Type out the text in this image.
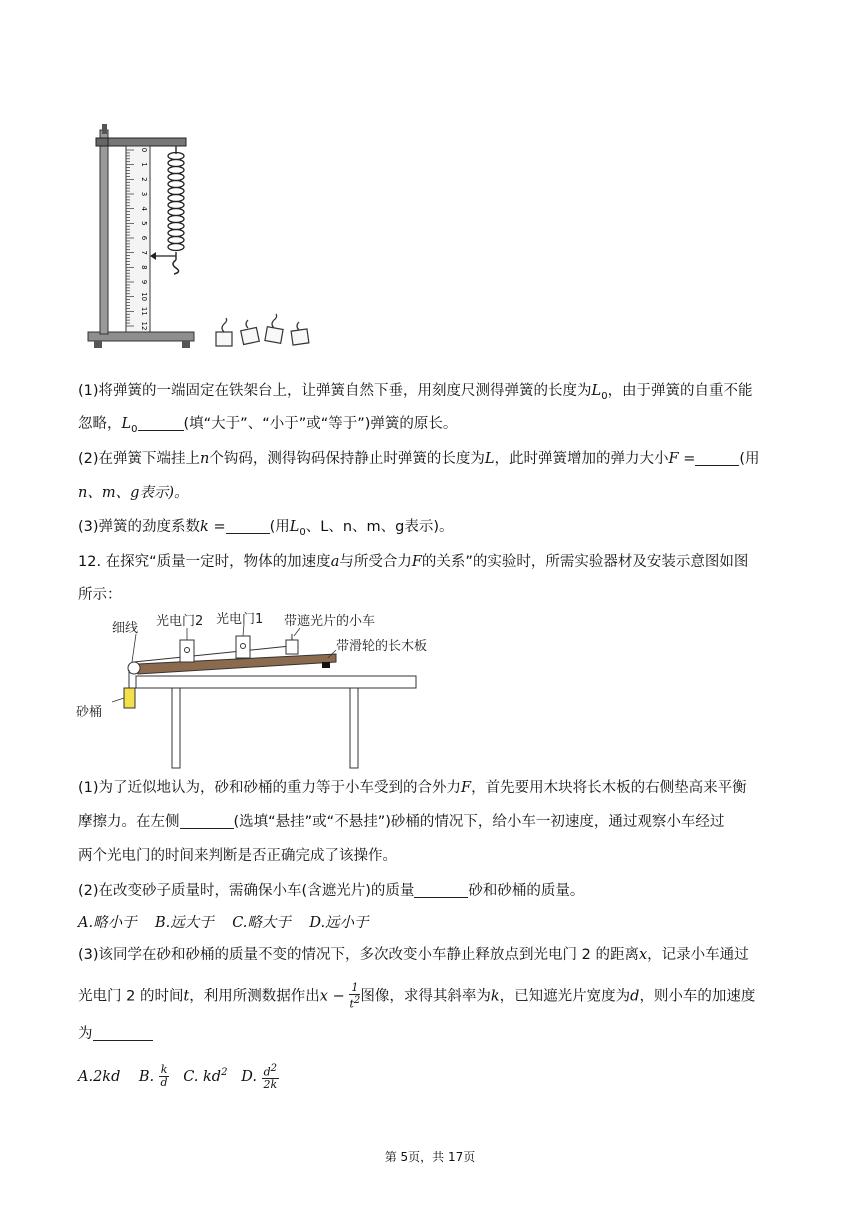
0
1
2
3
4
5
6
7
8
9
10
11
12
(1)将弹簧的一端固定在铁架台上，让弹簧自然下垂，用刻度尺测得弹簧的长度为$L_0$，由于弹簧的自重不能
忽略，$L_0$	(填“大于”、“小于”或“等于”)弹簧的原长。
(2)在弹簧下端挂上n个钩码，测得钩码保持静止时弹簧的长度为L，此时弹簧增加的弹力大小F =	(用
n、m、g表示)。
(3)弹簧的劲度系数k =	(用$L_0$、L、n、m、g表示)。
12. 在探究“质量一定时，物体的加速度a与所受合力F的关系”的实验时，所需实验器材及安装示意图如图
所示：
细线 光电门2 光电门1 带遮光片的小车
带滑轮的长木板
砂桶
(1)为了近似地认为，砂和砂桶的重力等于小车受到的合外力F，首先要用木块将长木板的右侧垫高来平衡
摩擦力。在左侧	(选填“悬挂”或“不悬挂”)砂桶的情况下，给小车一初速度，通过观察小车经过
两个光电门的时间来判断是否正确完成了该操作。
(2)在改变砂子质量时，需确保小车(含遮光片)的质量	砂和砂桶的质量。
A.略小于    B.远大于    C.略大于    D.远小于
(3)该同学在砂和砂桶的质量不变的情况下，多次改变小车静止释放点到光电门 2 的距离x，记录小车通过
光电门 2 的时间t，利用所测数据作出$x - \frac{1}{t^2}$ 图像，求得其斜率为k，已知遮光片宽度为d，则小车的加速度
为
A.2kd B. $\frac{k}{d} C$. $kd^2$ D. $\frac{d^2}{2k}$
第 5页，共 17页
